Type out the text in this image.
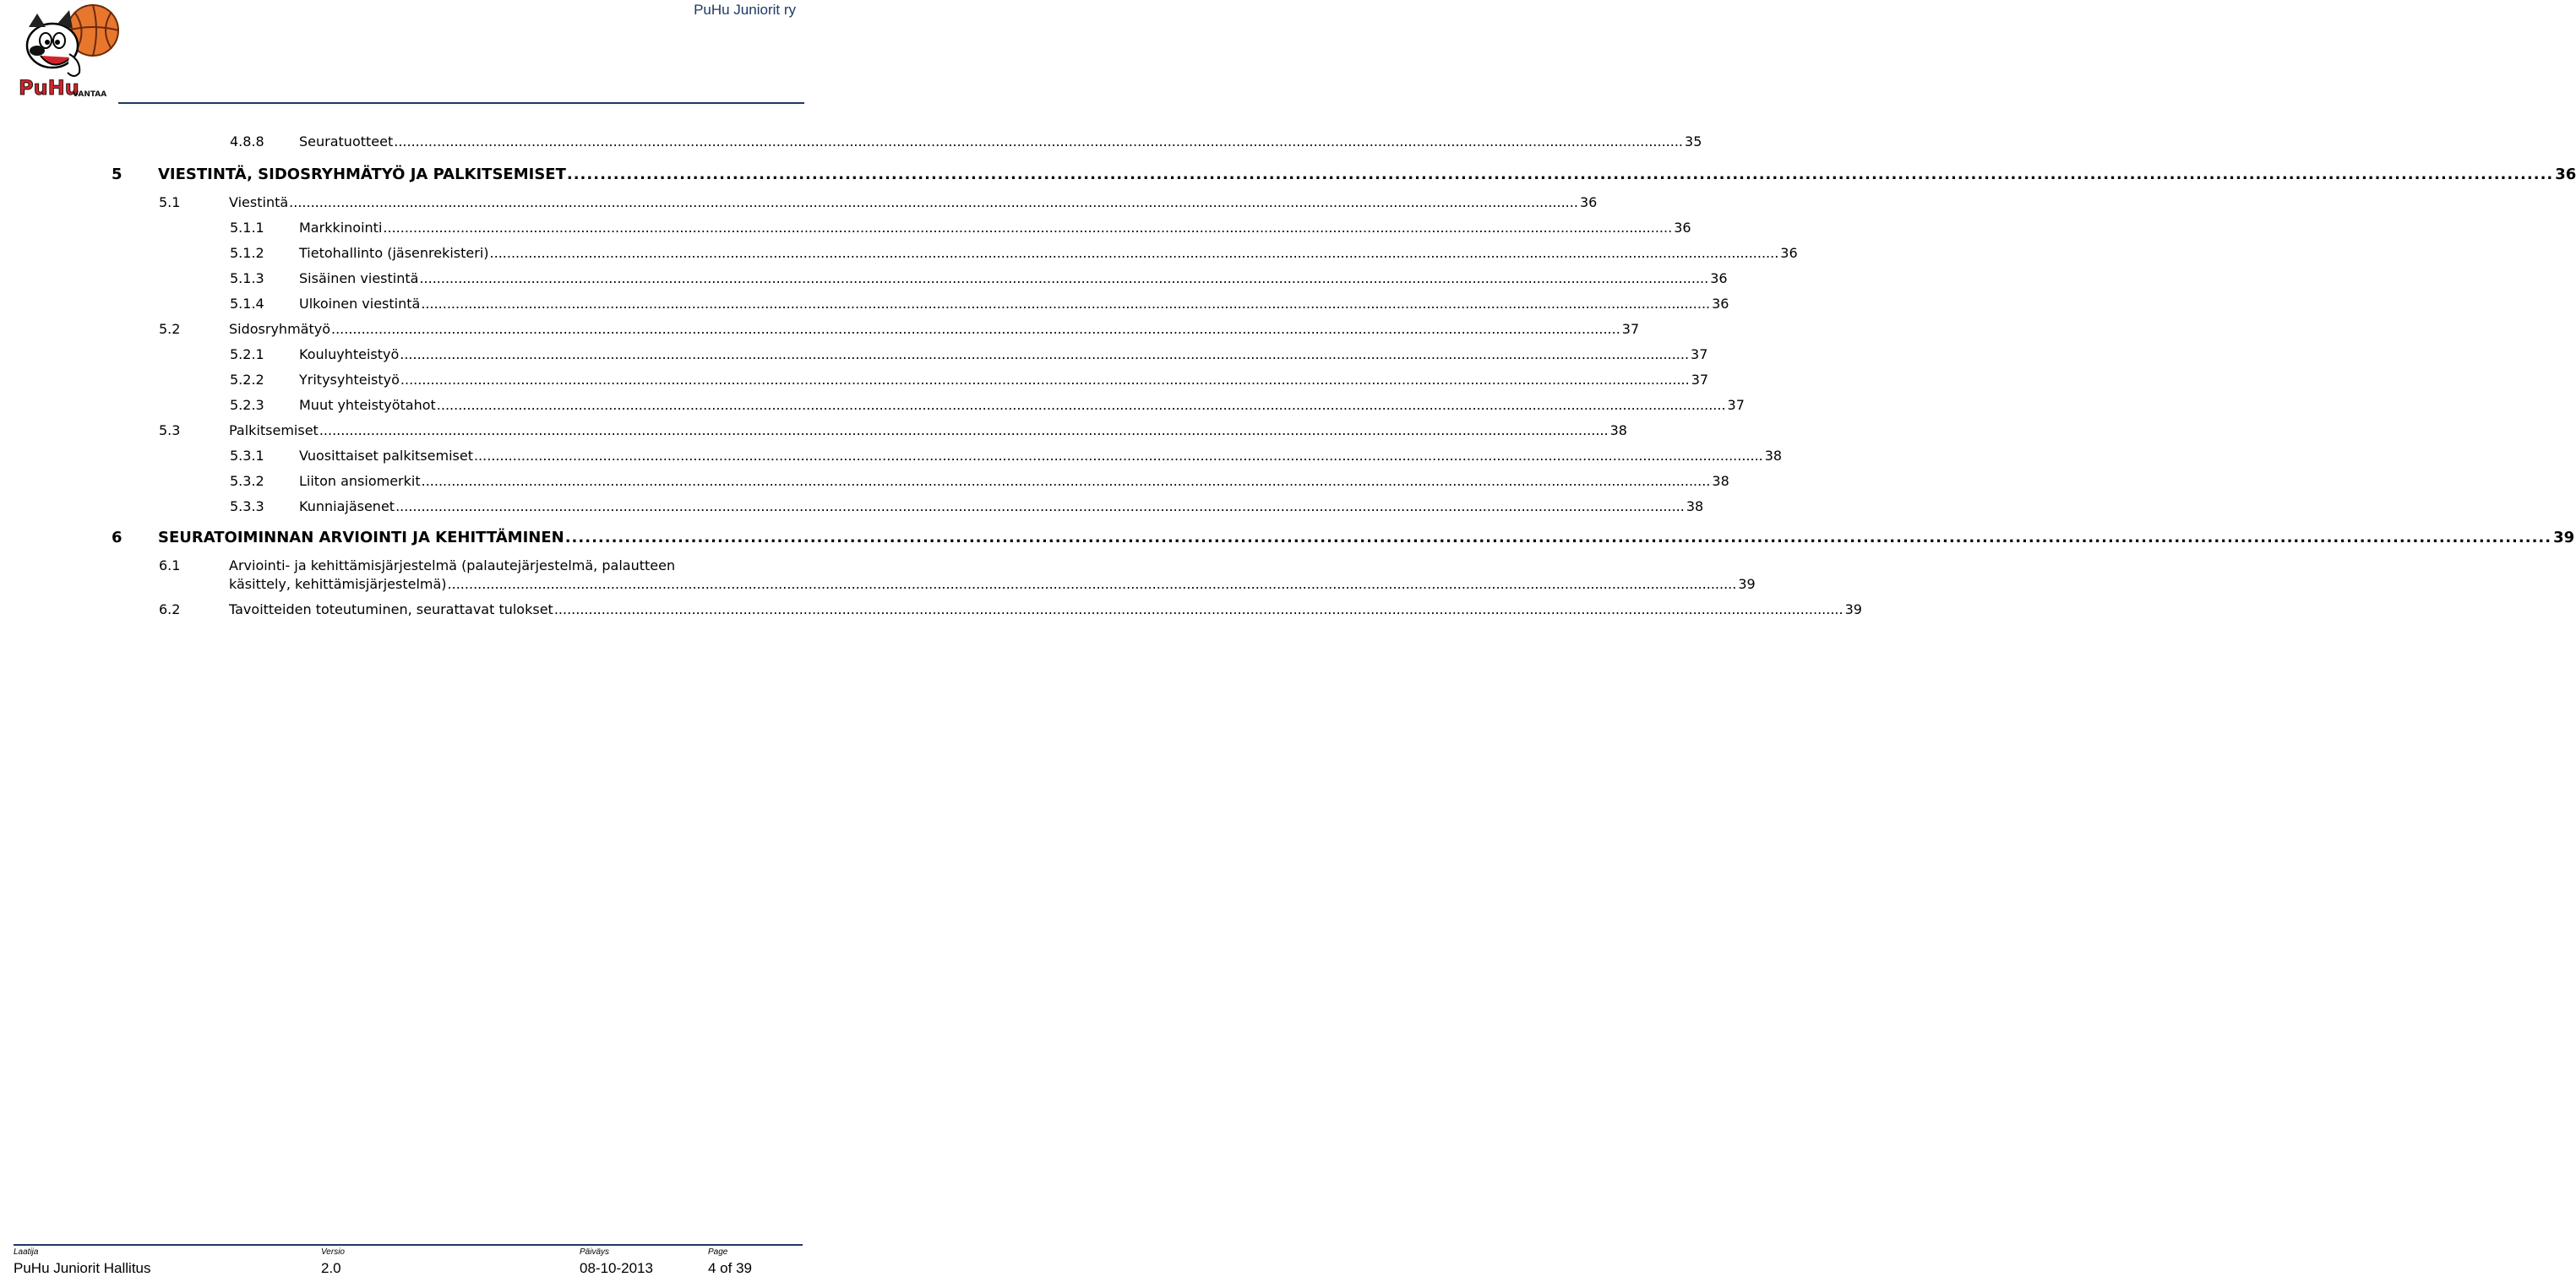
PuHu
VANTAA
PuHu Juniorit ry
4.8.8	Seuratuotteet ............................................................................................................................................................................................................................................................................................................ 35
5 VIESTINTÄ, SIDOSRYHMÄTYÖ JA PALKITSEMISET ............................................................................................................................................................................................................................................................................................................ 36
5.1	Viestintä ............................................................................................................................................................................................................................................................................................................ 36
5.1.1	Markkinointi ............................................................................................................................................................................................................................................................................................................ 36
5.1.2	Tietohallinto (jäsenrekisteri) ............................................................................................................................................................................................................................................................................................................ 36
5.1.3	Sisäinen viestintä ............................................................................................................................................................................................................................................................................................................ 36
5.1.4	Ulkoinen viestintä ............................................................................................................................................................................................................................................................................................................ 36
5.2	Sidosryhmätyö ............................................................................................................................................................................................................................................................................................................ 37
5.2.1	Kouluyhteistyö ............................................................................................................................................................................................................................................................................................................ 37
5.2.2	Yritysyhteistyö ............................................................................................................................................................................................................................................................................................................ 37
5.2.3	Muut yhteistyötahot ............................................................................................................................................................................................................................................................................................................ 37
5.3	Palkitsemiset ............................................................................................................................................................................................................................................................................................................ 38
5.3.1	Vuosittaiset palkitsemiset ............................................................................................................................................................................................................................................................................................................ 38
5.3.2	Liiton ansiomerkit ............................................................................................................................................................................................................................................................................................................ 38
5.3.3	Kunniajäsenet ............................................................................................................................................................................................................................................................................................................ 38
6 SEURATOIMINNAN ARVIOINTI JA KEHITTÄMINEN ............................................................................................................................................................................................................................................................................................................ 39
6.1	Arviointi- ja kehittämisjärjestelmä (palautejärjestelmä, palautteen
käsittely, kehittämisjärjestelmä) ............................................................................................................................................................................................................................................................................................................ 39
6.2	Tavoitteiden toteutuminen, seurattavat tulokset ............................................................................................................................................................................................................................................................................................................ 39
Laatija
PuHu Juniorit Hallitus
Versio
2.0
Päiväys
08-10-2013
Page
4 of 39
